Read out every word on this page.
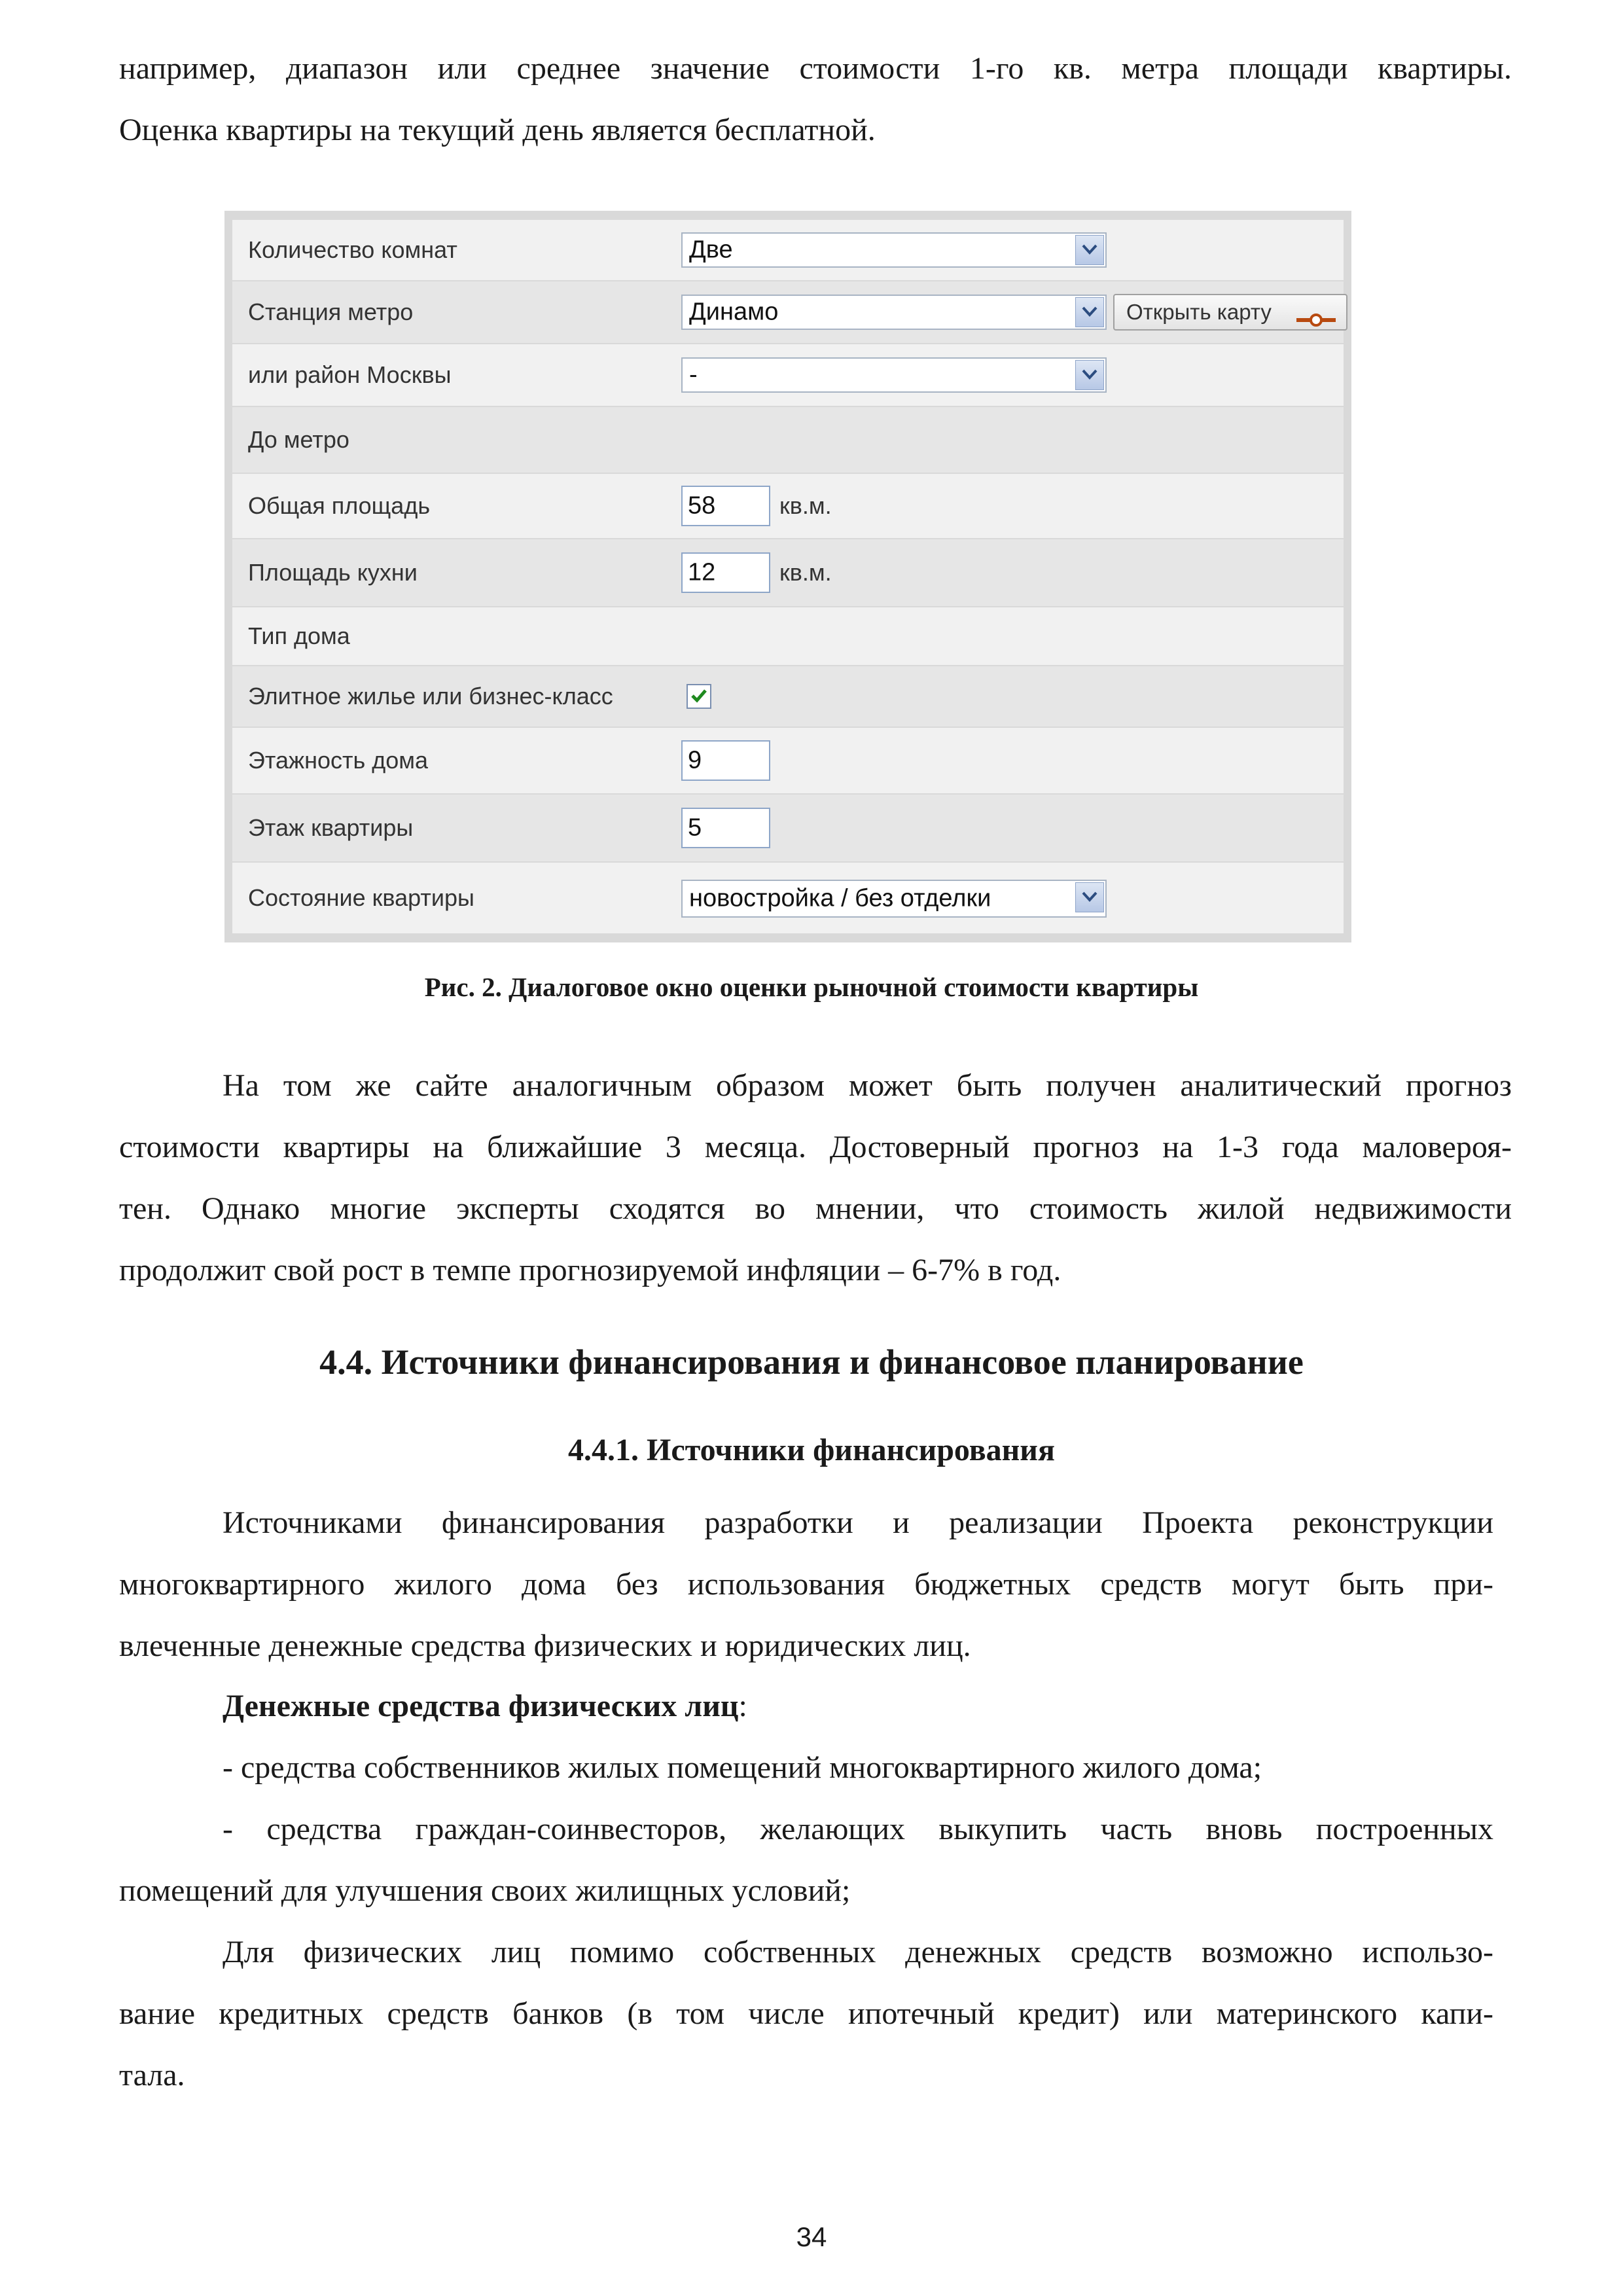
например, диапазон или среднее значение стоимости 1-го кв. метра площади квартиры.
Оценка квартиры на текущий день является бесплатной.
Количество комнат	Две
Станция метро	Динамо	Открыть карту
или район Москвы	-
До метро
Общая площадь	58	кв.м.
Площадь кухни	12	кв.м.
Тип дома
Элитное жилье или бизнес-класс
Этажность дома	9
Этаж квартиры	5
Состояние квартиры	новостройка / без отделки

Рис. 2. Диалоговое окно оценки рыночной стоимости квартиры

На том же сайте аналогичным образом может быть получен аналитический прогноз
стоимости квартиры на ближайшие 3 месяца. Достоверный прогноз на 1-3 года маловероя-
тен. Однако многие эксперты сходятся во мнении, что стоимость жилой недвижимости
продолжит свой рост в темпе прогнозируемой инфляции – 6-7% в год.

4.4. Источники финансирования и финансовое планирование

4.4.1. Источники финансирования

Источниками финансирования разработки и реализации Проекта реконструкции
многоквартирного жилого дома без использования бюджетных средств могут быть при-
влеченные денежные средства физических и юридических лиц.
Денежные средства физических лиц:
- средства собственников жилых помещений многоквартирного жилого дома;
- средства граждан-соинвесторов, желающих выкупить часть вновь построенных
помещений для улучшения своих жилищных условий;
Для физических лиц помимо собственных денежных средств возможно использо-
вание кредитных средств банков (в том числе ипотечный кредит) или материнского капи-
тала.

34
